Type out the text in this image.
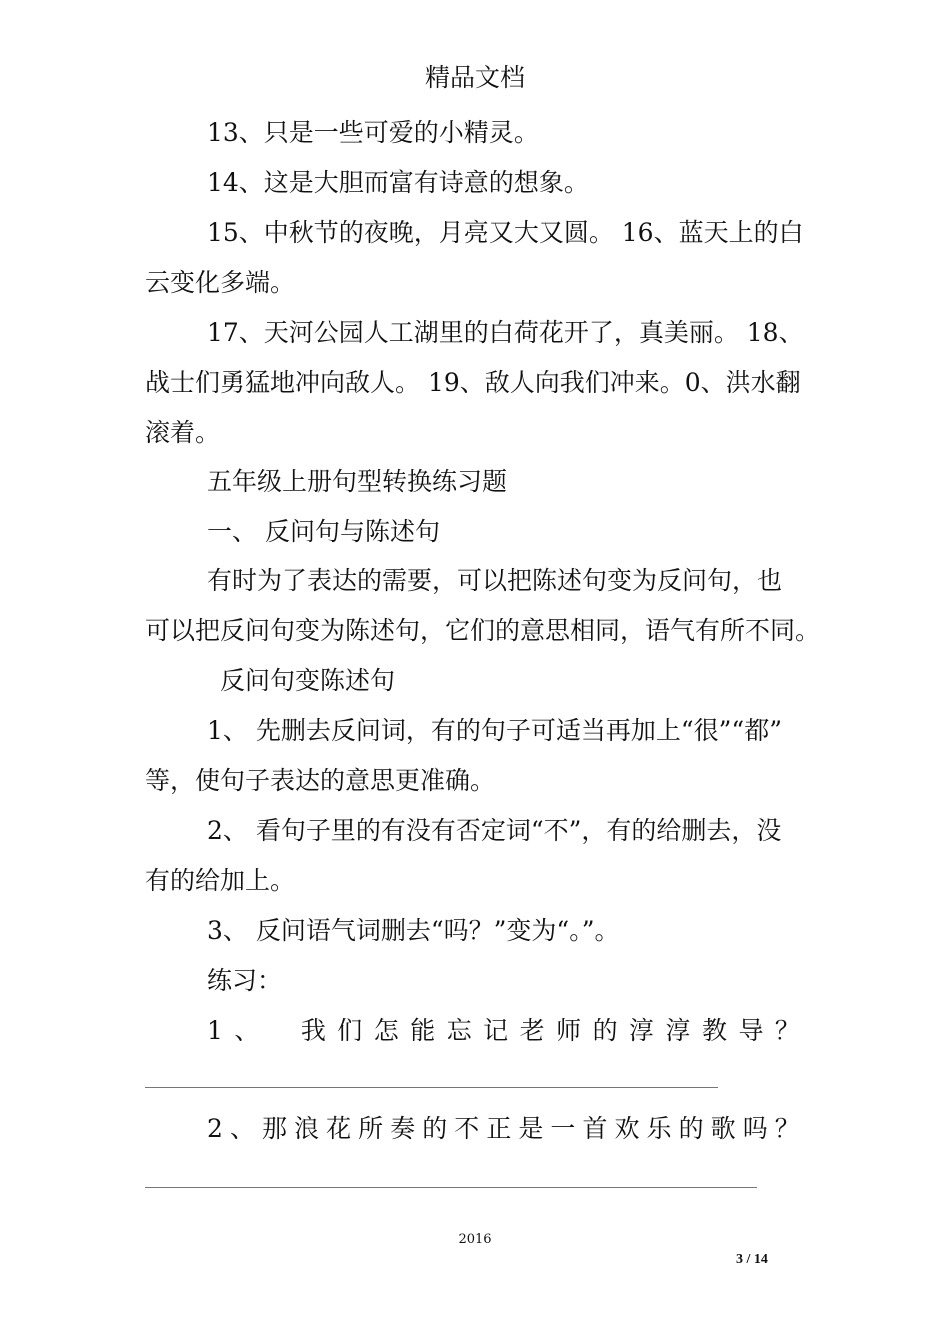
精品文档

13、只是一些可爱的小精灵。

14、这是大胆而富有诗意的想象。

15、中秋节的夜晚，月亮又大又圆。 16、蓝天上的白

云变化多端。

17、天河公园人工湖里的白荷花开了，真美丽。 18、

战士们勇猛地冲向敌人。 19、敌人向我们冲来。0、洪水翻

滚着。

五年级上册句型转换练习题

一、 反问句与陈述句

有时为了表达的需要，可以把陈述句变为反问句，也

可以把反问句变为陈述句，它们的意思相同，语气有所不同。

反问句变陈述句

1、 先删去反问词，有的句子可适当再加上“很”“都”

等，使句子表达的意思更准确。

2、 看句子里的有没有否定词“不”，有的给删去，没

有的给加上。

3、 反问语气词删去“吗？”变为“。”。

练习：

1 、 我 们 怎 能 忘 记 老 师 的 淳 淳 教 导 ？
2 、 那 浪 花 所 奏 的 不 正 是 一 首 欢 乐 的 歌 吗 ？
2016
3 / 14
